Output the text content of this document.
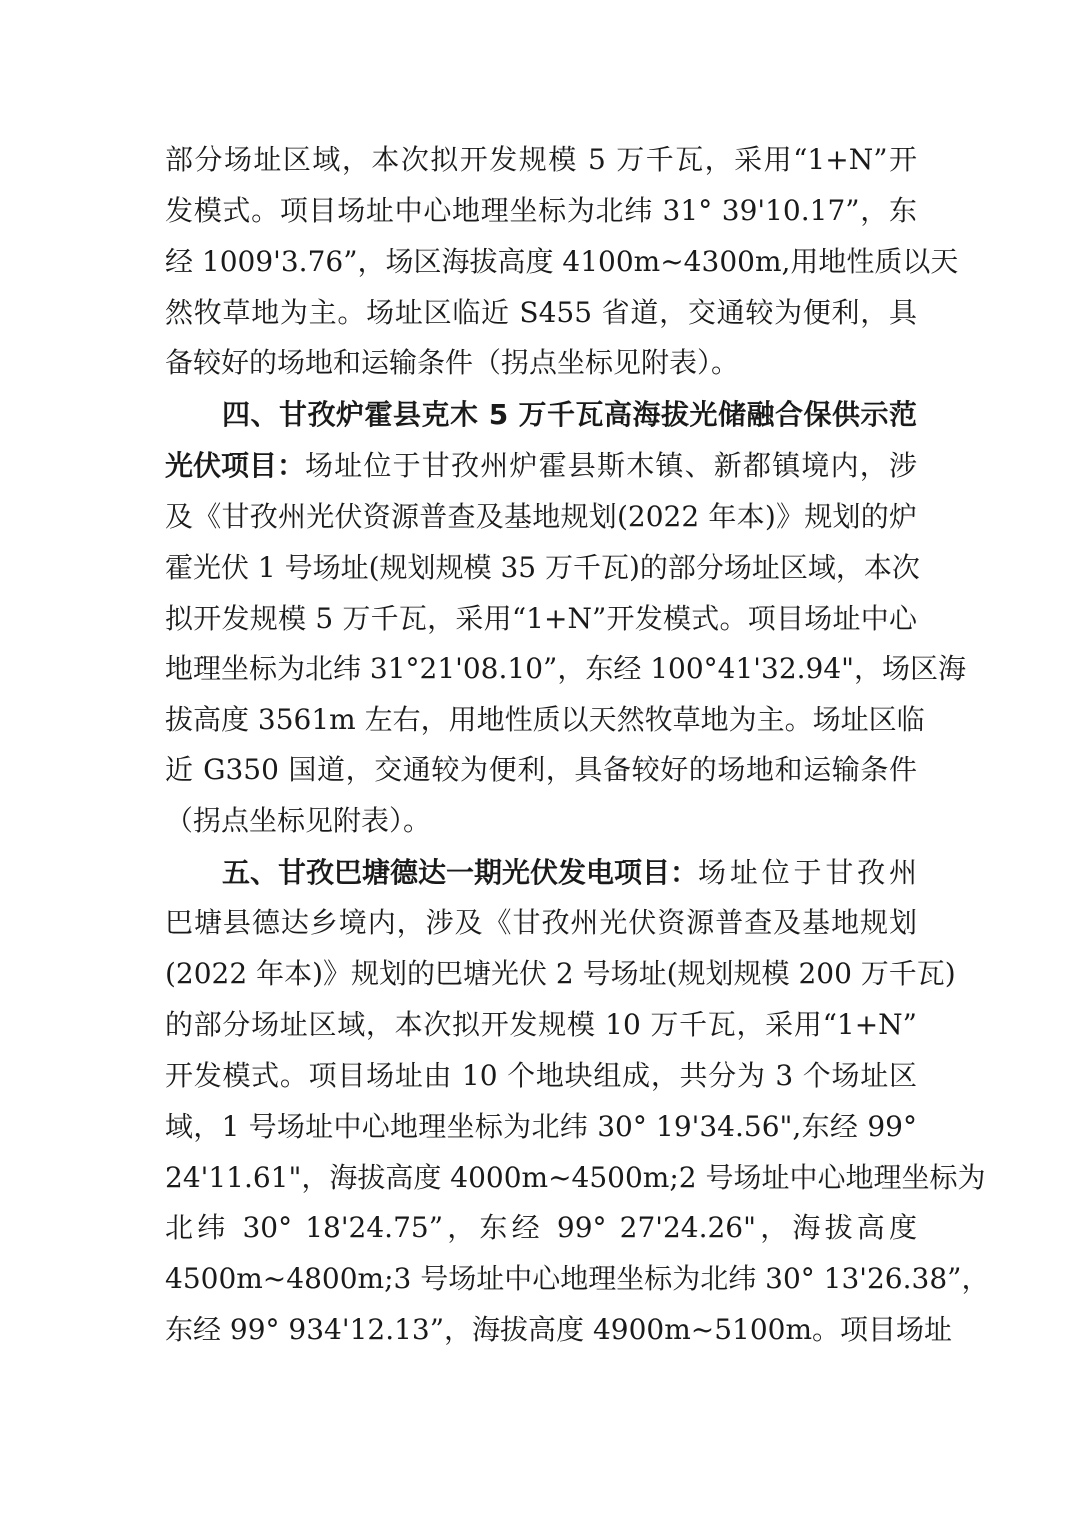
部分场址区域，本次拟开发规模 5 万千瓦，采用“1+N”开
发模式。项目场址中心地理坐标为北纬 31° 39'10.17”，东
经 1009'3.76”，场区海拔高度 4100m~4300m,用地性质以天
然牧草地为主。场址区临近 S455 省道，交通较为便利，具
备较好的场地和运输条件（拐点坐标见附表）。
四、甘孜炉霍县克木 5 万千瓦高海拔光储融合保供示范
光伏项目： 场址位于甘孜州炉霍县斯木镇、新都镇境内，涉
及《甘孜州光伏资源普查及基地规划(2022 年本)》规划的炉
霍光伏 1 号场址(规划规模 35 万千瓦)的部分场址区域，本次
拟开发规模 5 万千瓦，采用“1+N”开发模式。项目场址中心
地理坐标为北纬 31°21'08.10”，东经 100°41'32.94"，场区海
拔高度 3561m 左右，用地性质以天然牧草地为主。场址区临
近 G350 国道，交通较为便利，具备较好的场地和运输条件
（拐点坐标见附表）。
五、甘孜巴塘德达一期光伏发电项目： 场址位于甘孜州
巴塘县德达乡境内，涉及《甘孜州光伏资源普查及基地规划
(2022 年本)》规划的巴塘光伏 2 号场址(规划规模 200 万千瓦)
的部分场址区域，本次拟开发规模 10 万千瓦，采用“1+N”
开发模式。项目场址由 10 个地块组成，共分为 3 个场址区
域，1 号场址中心地理坐标为北纬 30° 19'34.56",东经 99°
24'11.61"，海拔高度 4000m~4500m;2 号场址中心地理坐标为
北纬 30° 18'24.75”，东经 99° 27'24.26"，海拔高度
4500m~4800m;3 号场址中心地理坐标为北纬 30° 13'26.38”，
东经 99° 934'12.13”，海拔高度 4900m~5100m。项目场址
